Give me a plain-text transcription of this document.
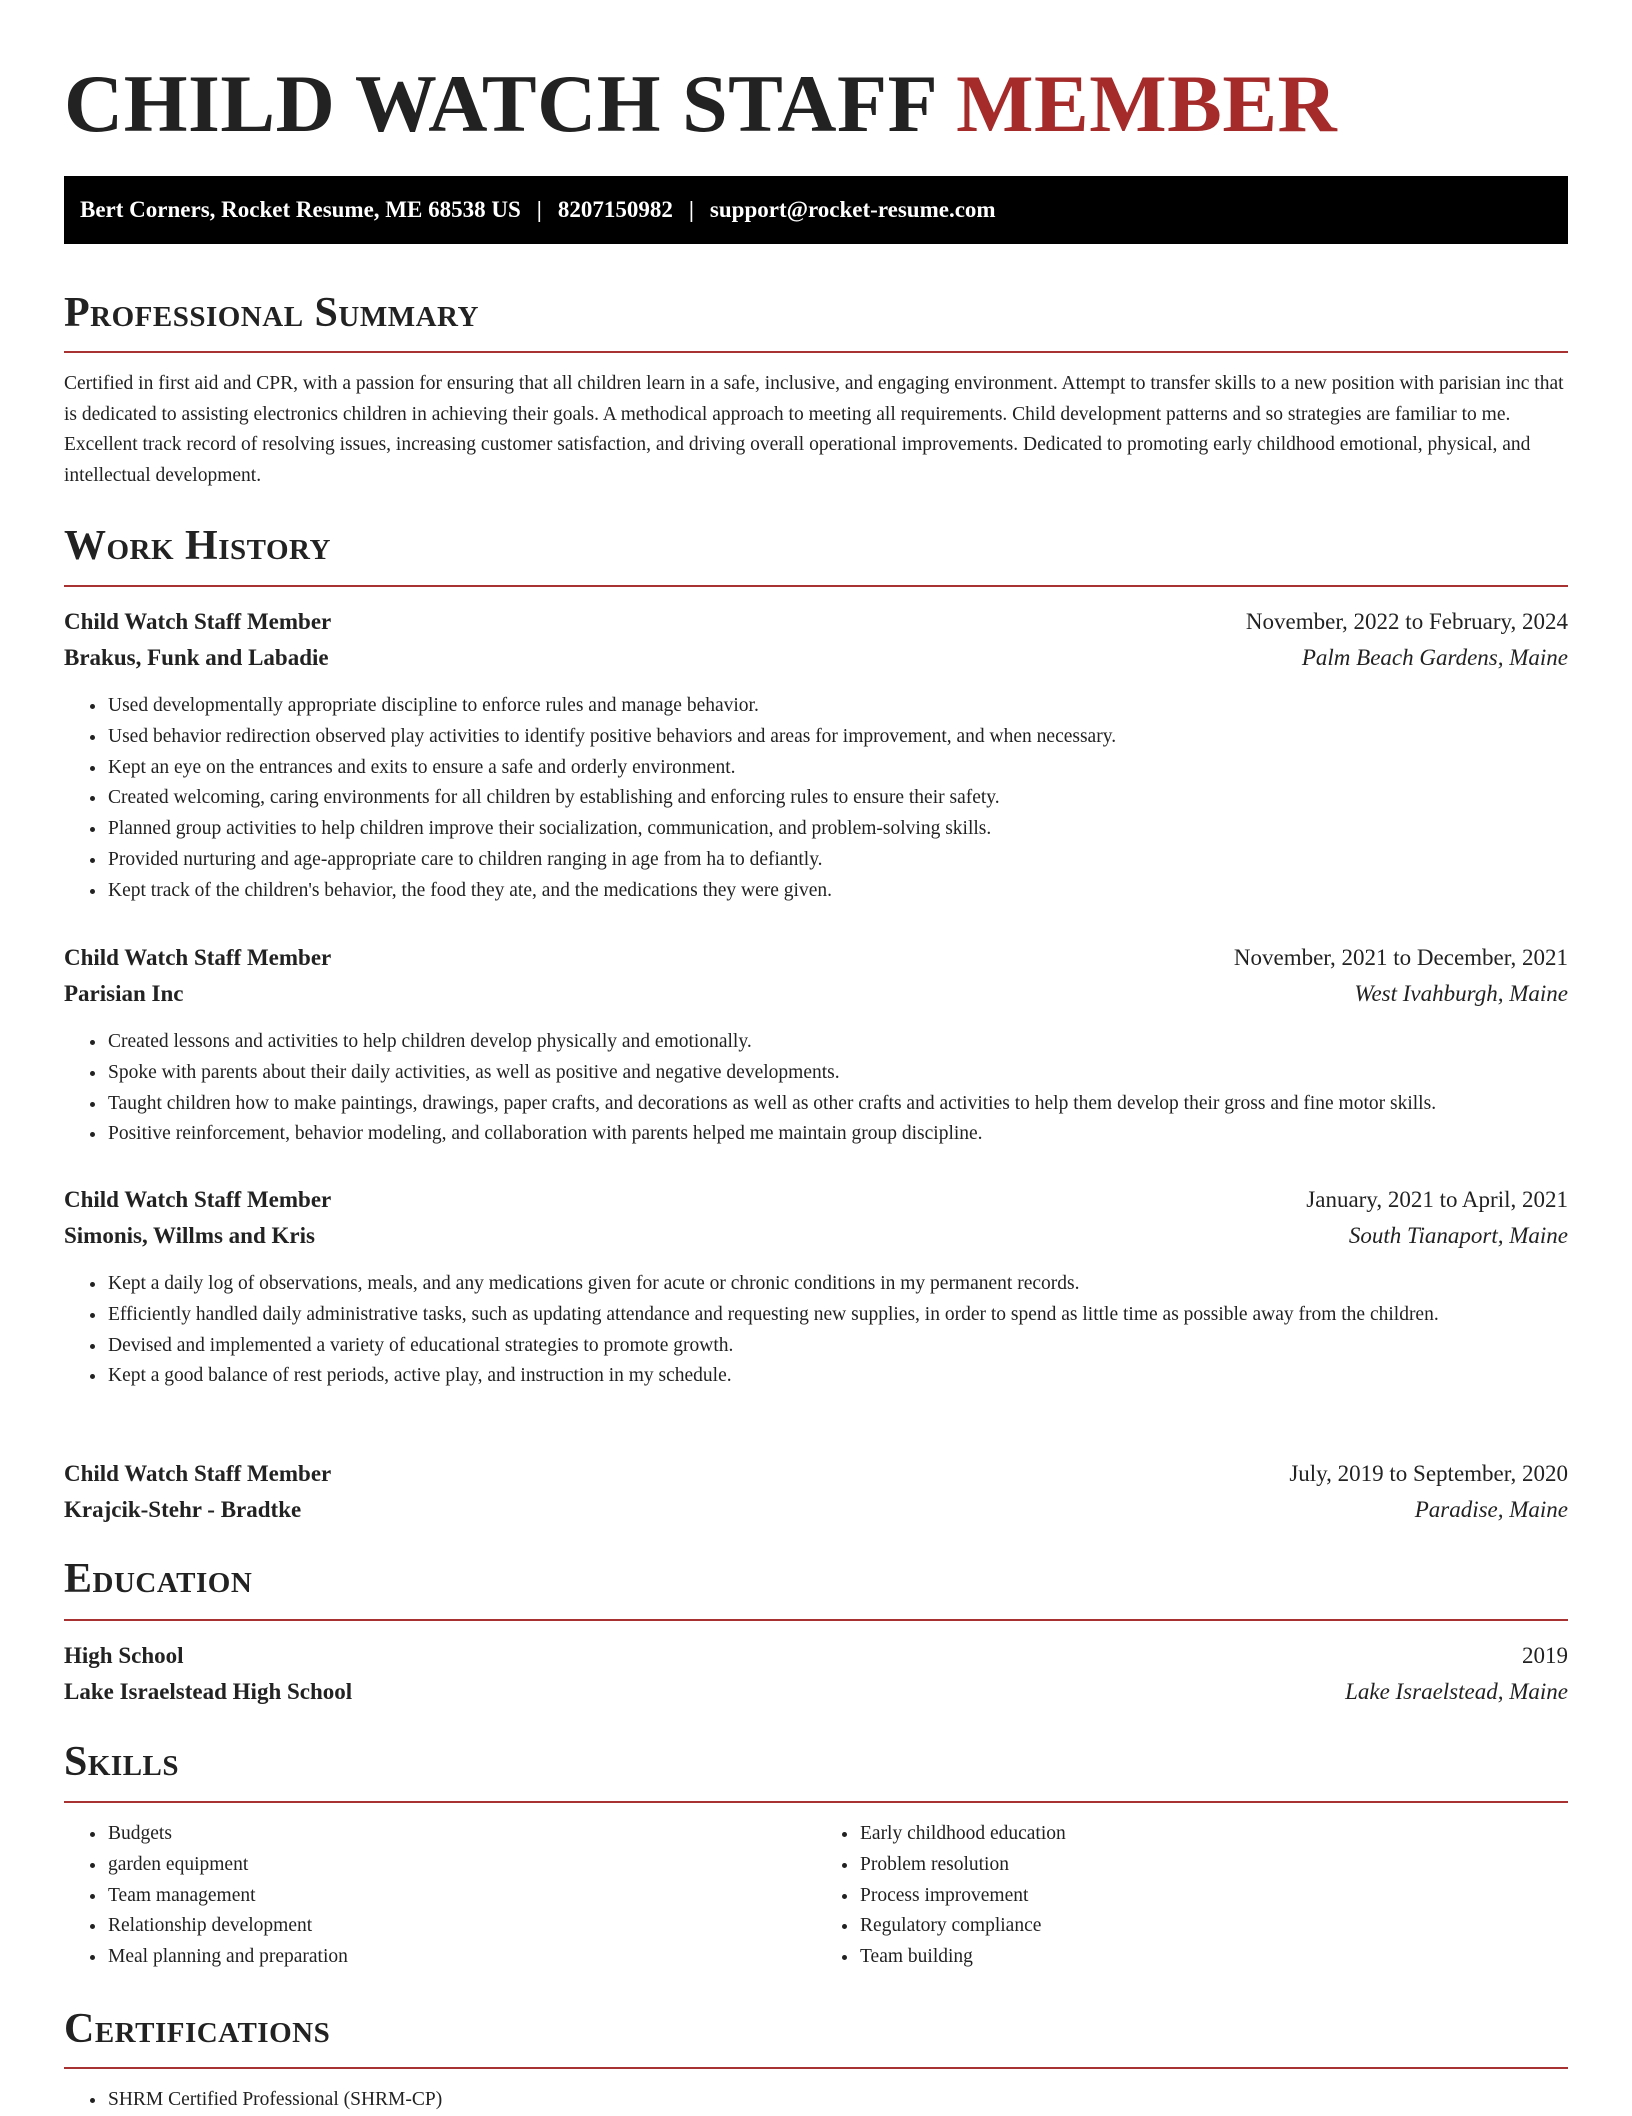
CHILD WATCH STAFF MEMBER
Bert Corners, Rocket Resume, ME 68538 US | 8207150982 | support@rocket-resume.com
Professional Summary

Certified in first aid and CPR, with a passion for ensuring that all children learn in a safe, inclusive, and engaging environment. Attempt to transfer skills to a new position with parisian inc that is dedicated to assisting electronics children in achieving their goals. A methodical approach to meeting all requirements. Child development patterns and so strategies are familiar to me. Excellent track record of resolving issues, increasing customer satisfaction, and driving overall operational improvements. Dedicated to promoting early childhood emotional, physical, and intellectual development.

Work History
Child Watch Staff Member	November, 2022 to February, 2024
Brakus, Funk and Labadie	Palm Beach Gardens, Maine
• Used developmentally appropriate discipline to enforce rules and manage behavior.
• Used behavior redirection observed play activities to identify positive behaviors and areas for improvement, and when necessary.
• Kept an eye on the entrances and exits to ensure a safe and orderly environment.
• Created welcoming, caring environments for all children by establishing and enforcing rules to ensure their safety.
• Planned group activities to help children improve their socialization, communication, and problem-solving skills.
• Provided nurturing and age-appropriate care to children ranging in age from ha to defiantly.
• Kept track of the children's behavior, the food they ate, and the medications they were given.
Child Watch Staff Member	November, 2021 to December, 2021
Parisian Inc	West Ivahburgh, Maine
• Created lessons and activities to help children develop physically and emotionally.
• Spoke with parents about their daily activities, as well as positive and negative developments.
• Taught children how to make paintings, drawings, paper crafts, and decorations as well as other crafts and activities to help them develop their gross and fine motor skills.
• Positive reinforcement, behavior modeling, and collaboration with parents helped me maintain group discipline.
Child Watch Staff Member	January, 2021 to April, 2021
Simonis, Willms and Kris	South Tianaport, Maine
• Kept a daily log of observations, meals, and any medications given for acute or chronic conditions in my permanent records.
• Efficiently handled daily administrative tasks, such as updating attendance and requesting new supplies, in order to spend as little time as possible away from the children.
• Devised and implemented a variety of educational strategies to promote growth.
• Kept a good balance of rest periods, active play, and instruction in my schedule.
Child Watch Staff Member	July, 2019 to September, 2020
Krajcik-Stehr - Bradtke	Paradise, Maine
Education
High School	2019
Lake Israelstead High School	Lake Israelstead, Maine
Skills
• Budgets
• garden equipment
• Team management
• Relationship development
• Meal planning and preparation
• Early childhood education
• Problem resolution
• Process improvement
• Regulatory compliance
• Team building
Certifications
• SHRM Certified Professional (SHRM-CP)
